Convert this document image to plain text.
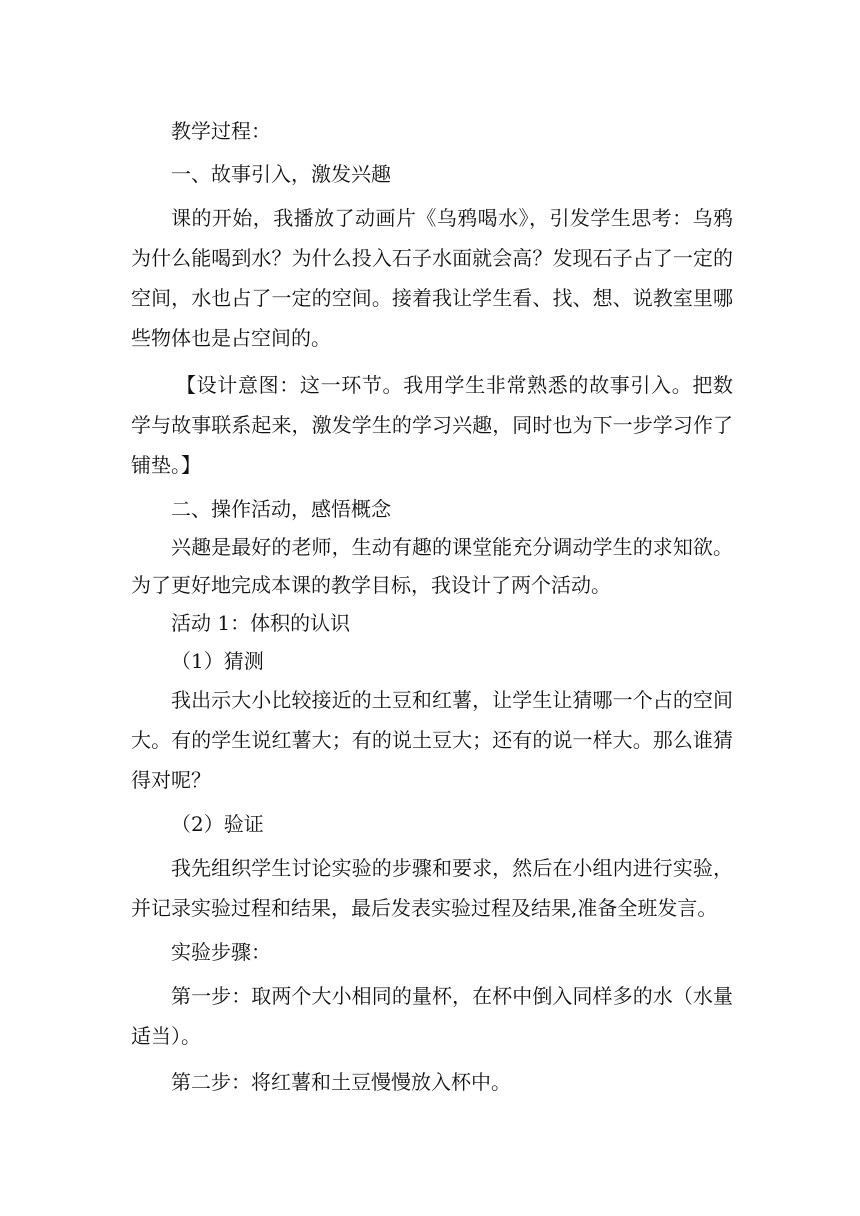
教学过程：

一、故事引入，激发兴趣

课的开始，我播放了动画片《乌鸦喝水》，引发学生思考：乌鸦为什么能喝到水？为什么投入石子水面就会高？发现石子占了一定的空间，水也占了一定的空间。接着我让学生看、找、想、说教室里哪些物体也是占空间的。

【设计意图：这一环节。我用学生非常熟悉的故事引入。把数学与故事联系起来，激发学生的学习兴趣，同时也为下一步学习作了铺垫。】

二、操作活动，感悟概念

兴趣是最好的老师，生动有趣的课堂能充分调动学生的求知欲。为了更好地完成本课的教学目标，我设计了两个活动。

活动 1：体积的认识

（1）猜测

我出示大小比较接近的土豆和红薯，让学生让猜哪一个占的空间大。有的学生说红薯大；有的说土豆大；还有的说一样大。那么谁猜得对呢？

（2）验证

我先组织学生讨论实验的步骤和要求，然后在小组内进行实验，并记录实验过程和结果，最后发表实验过程及结果,准备全班发言。

实验步骤：

第一步：取两个大小相同的量杯，在杯中倒入同样多的水（水量适当）。

第二步：将红薯和土豆慢慢放入杯中。
